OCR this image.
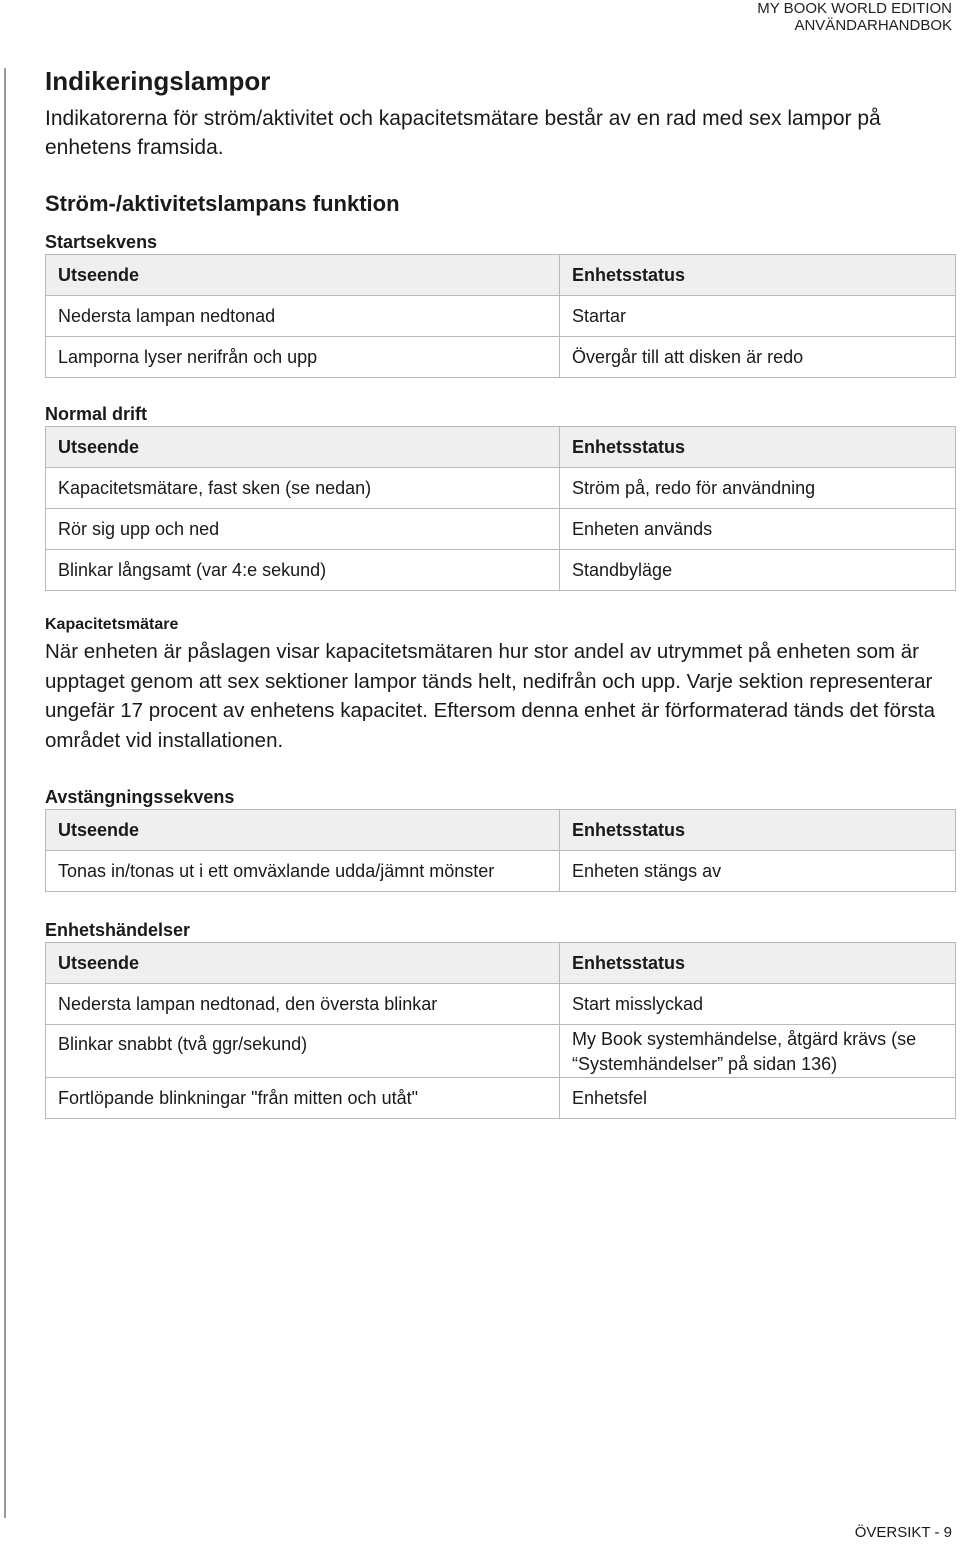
MY BOOK WORLD EDITION
ANVÄNDARHANDBOK
Indikeringslampor

Indikatorerna för ström/aktivitet och kapacitetsmätare består av en rad med sex lampor på enhetens framsida.

Ström-/aktivitetslampans funktion

Startsekvens

Utseende	Enhetsstatus
Nedersta lampan nedtonad	Startar
Lamporna lyser nerifrån och upp	Övergår till att disken är redo

Normal drift

Utseende	Enhetsstatus
Kapacitetsmätare, fast sken (se nedan)	Ström på, redo för användning
Rör sig upp och ned	Enheten används
Blinkar långsamt (var 4:e sekund)	Standbyläge

Kapacitetsmätare

När enheten är påslagen visar kapacitetsmätaren hur stor andel av utrymmet på enheten som är upptaget genom att sex sektioner lampor tänds helt, nedifrån och upp. Varje sektion representerar ungefär 17 procent av enhetens kapacitet. Eftersom denna enhet är förformaterad tänds det första området vid installationen.

Avstängningssekvens

Utseende	Enhetsstatus
Tonas in/tonas ut i ett omväxlande udda/jämnt mönster	Enheten stängs av

Enhetshändelser

Utseende	Enhetsstatus
Nedersta lampan nedtonad, den översta blinkar	Start misslyckad
Blinkar snabbt (två ggr/sekund)	My Book systemhändelse, åtgärd krävs (se “Systemhändelser” på sidan 136)
Fortlöpande blinkningar "från mitten och utåt"	Enhetsfel
ÖVERSIKT - 9
